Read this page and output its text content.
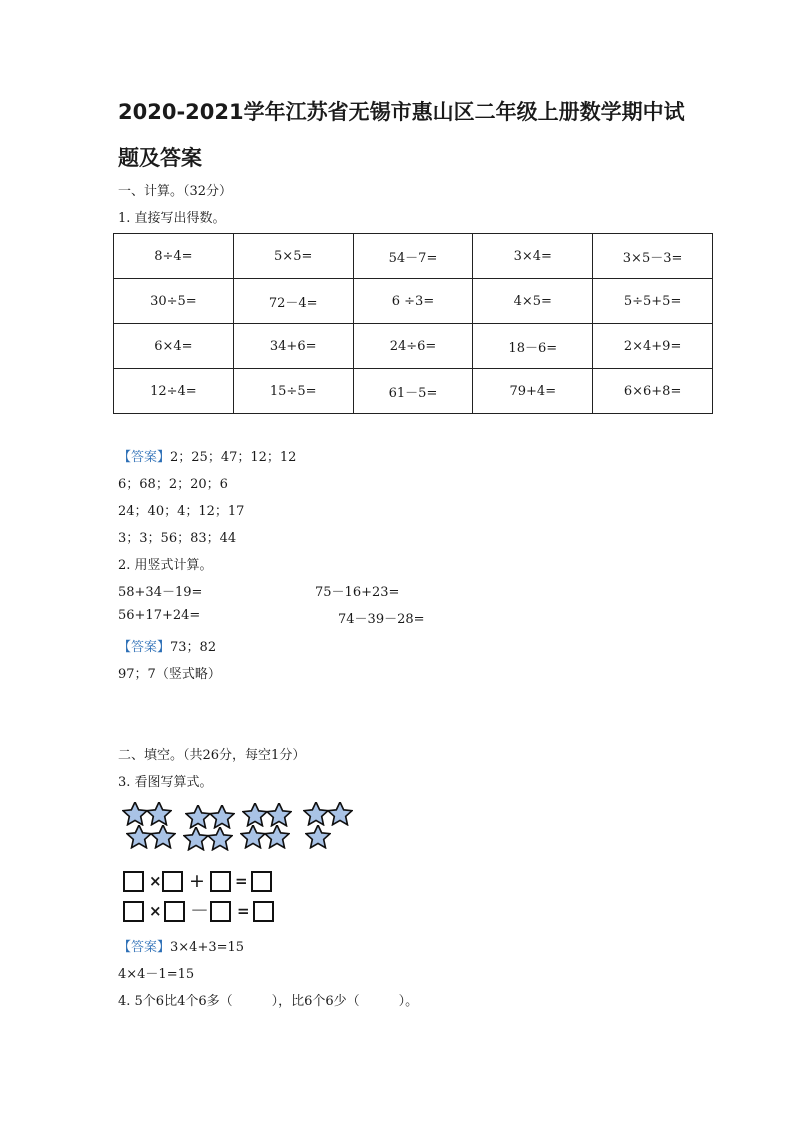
2020-2021学年江苏省无锡市惠山区二年级上册数学期中试
题及答案
一、计算。（32分）
1. 直接写出得数。
8÷4=	5×5=	54－7=	3×4=	3×5－3=
30÷5=	72－4=	6 ÷3=	4×5=	5÷5+5=
6×4=	34+6=	24÷6=	18－6=	2×4+9=
12÷4=	15÷5=	61－5=	79+4=	6×6+8=
【答案】2；25；47；12；12
6；68；2；20；6
24；40；4；12；17
3；3；56；83；44
2. 用竖式计算。
58+34－19=	75－16+23=
56+17+24=	74－39－28=
【答案】73；82
97；7（竖式略）
二、填空。（共26分，每空1分）
3. 看图写算式。
× + =
× － =
【答案】3×4+3=15
4×4－1=15
4. 5个6比4个6多（　　　），比6个6少（　　　）。
